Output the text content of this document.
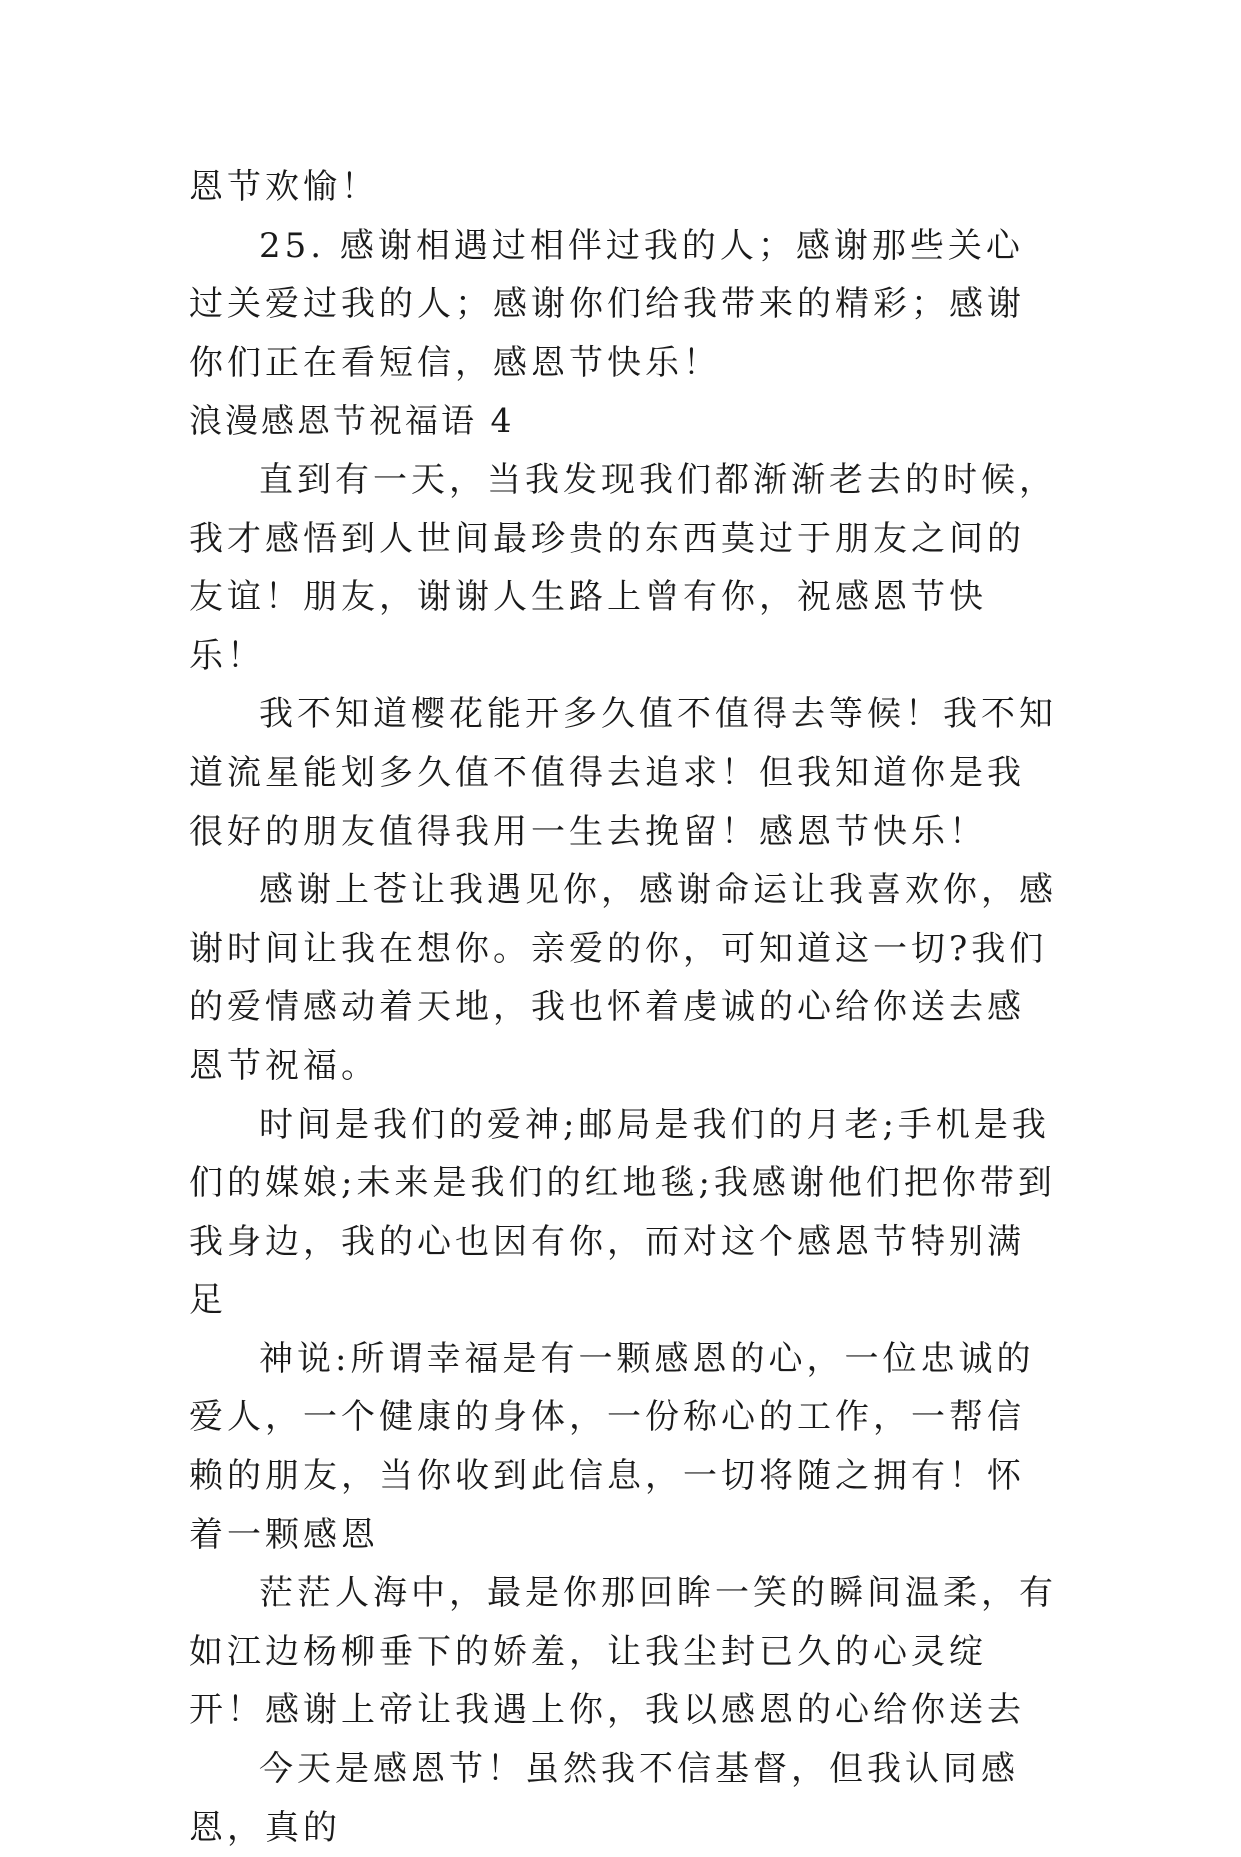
恩节欢愉！

25. 感谢相遇过相伴过我的人；感谢那些关心过关爱过我的人；感谢你们给我带来的精彩；感谢你们正在看短信，感恩节快乐！

浪漫感恩节祝福语 4

直到有一天，当我发现我们都渐渐老去的时候，我才感悟到人世间最珍贵的东西莫过于朋友之间的友谊！朋友，谢谢人生路上曾有你，祝感恩节快乐！

我不知道樱花能开多久值不值得去等候！我不知道流星能划多久值不值得去追求！但我知道你是我很好的朋友值得我用一生去挽留！感恩节快乐！

感谢上苍让我遇见你，感谢命运让我喜欢你，感谢时间让我在想你。亲爱的你，可知道这一切?我们的爱情感动着天地，我也怀着虔诚的心给你送去感恩节祝福。

时间是我们的爱神;邮局是我们的月老;手机是我们的媒娘;未来是我们的红地毯;我感谢他们把你带到我身边，我的心也因有你，而对这个感恩节特别满足

神说:所谓幸福是有一颗感恩的心，一位忠诚的爱人，一个健康的身体，一份称心的工作，一帮信赖的朋友，当你收到此信息，一切将随之拥有！怀着一颗感恩

茫茫人海中，最是你那回眸一笑的瞬间温柔，有如江边杨柳垂下的娇羞，让我尘封已久的心灵绽开！感谢上帝让我遇上你，我以感恩的心给你送去

今天是感恩节！虽然我不信基督，但我认同感恩，真的
